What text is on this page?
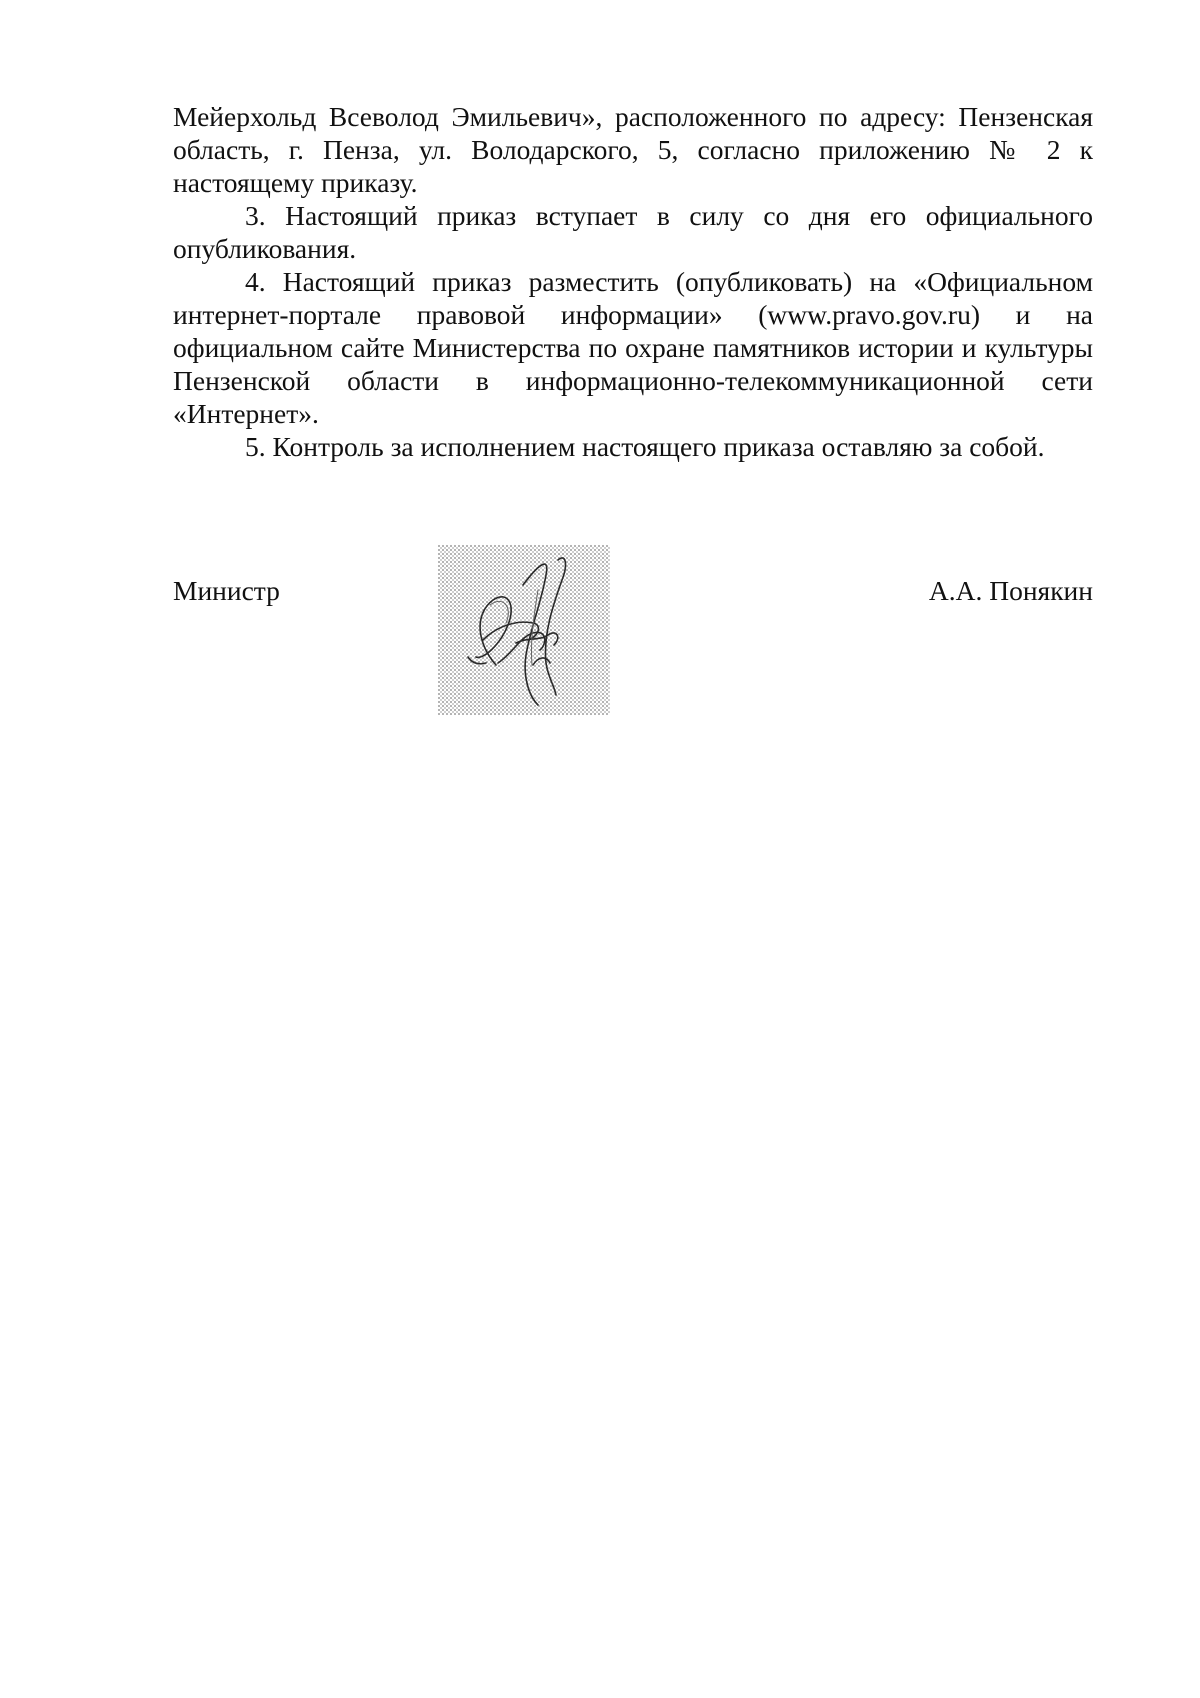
Мейерхольд Всеволод Эмильевич», расположенного по адресу: Пензенская область, г. Пенза, ул. Володарского, 5, согласно приложению № 2 к настоящему приказу.

3. Настоящий приказ вступает в силу со дня его официального опубликования.

4. Настоящий приказ разместить (опубликовать) на «Официальном интернет-портале правовой информации» (www.pravo.gov.ru) и на официальном сайте Министерства по охране памятников истории и культуры Пензенской области в информационно-телекоммуникационной сети «Интернет».

5. Контроль за исполнением настоящего приказа оставляю за собой.

Министр	А.А. Понякин
